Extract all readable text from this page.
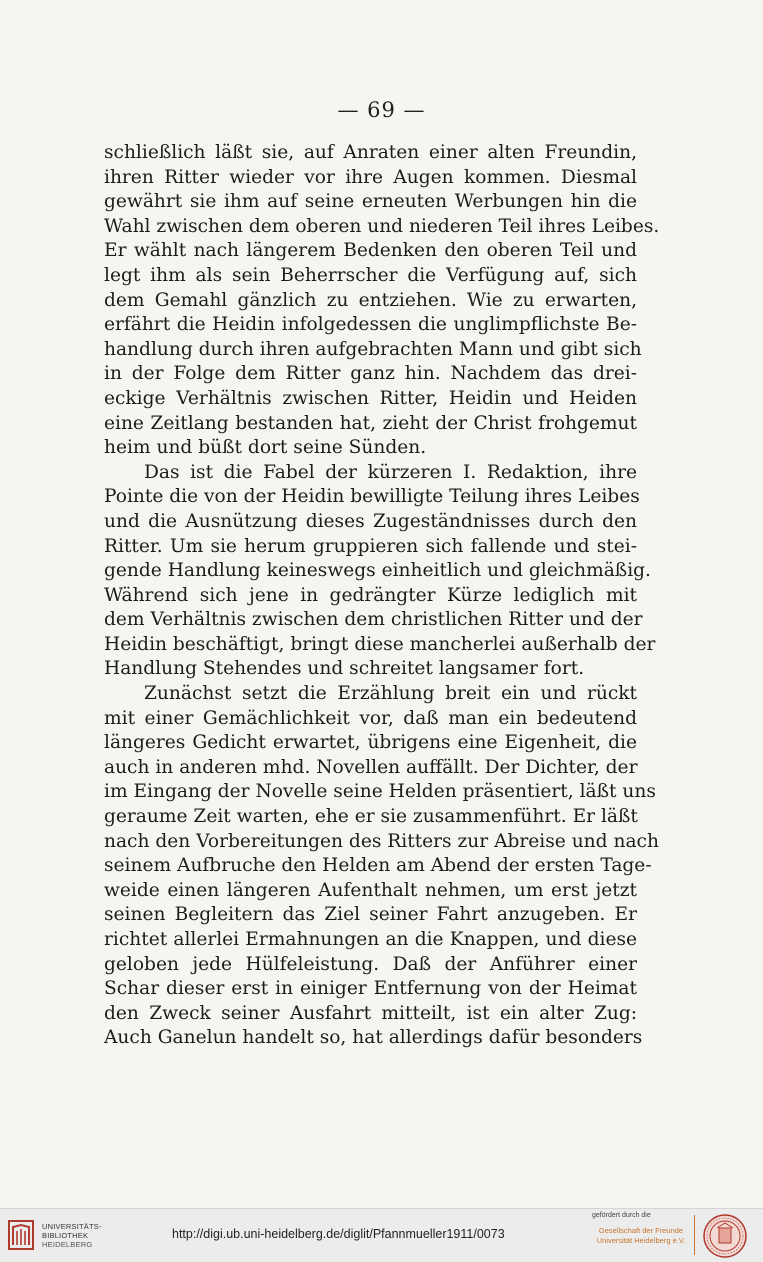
— 69 —
schließlich läßt sie, auf Anraten einer alten Freundin,
ihren Ritter wieder vor ihre Augen kommen. Diesmal
gewährt sie ihm auf seine erneuten Werbungen hin die
Wahl zwischen dem oberen und niederen Teil ihres Leibes.
Er wählt nach längerem Bedenken den oberen Teil und
legt ihm als sein Beherrscher die Verfügung auf, sich
dem Gemahl gänzlich zu entziehen. Wie zu erwarten,
erfährt die Heidin infolgedessen die unglimpflichste Be-
handlung durch ihren aufgebrachten Mann und gibt sich
in der Folge dem Ritter ganz hin. Nachdem das drei-
eckige Verhältnis zwischen Ritter, Heidin und Heiden
eine Zeitlang bestanden hat, zieht der Christ frohgemut
heim und büßt dort seine Sünden.
Das ist die Fabel der kürzeren I. Redaktion, ihre
Pointe die von der Heidin bewilligte Teilung ihres Leibes
und die Ausnützung dieses Zugeständnisses durch den
Ritter. Um sie herum gruppieren sich fallende und stei-
gende Handlung keineswegs einheitlich und gleichmäßig.
Während sich jene in gedrängter Kürze lediglich mit
dem Verhältnis zwischen dem christlichen Ritter und der
Heidin beschäftigt, bringt diese mancherlei außerhalb der
Handlung Stehendes und schreitet langsamer fort.
Zunächst setzt die Erzählung breit ein und rückt
mit einer Gemächlichkeit vor, daß man ein bedeutend
längeres Gedicht erwartet, übrigens eine Eigenheit, die
auch in anderen mhd. Novellen auffällt. Der Dichter, der
im Eingang der Novelle seine Helden präsentiert, läßt uns
geraume Zeit warten, ehe er sie zusammenführt. Er läßt
nach den Vorbereitungen des Ritters zur Abreise und nach
seinem Aufbruche den Helden am Abend der ersten Tage-
weide einen längeren Aufenthalt nehmen, um erst jetzt
seinen Begleitern das Ziel seiner Fahrt anzugeben. Er
richtet allerlei Ermahnungen an die Knappen, und diese
geloben jede Hülfeleistung. Daß der Anführer einer
Schar dieser erst in einiger Entfernung von der Heimat
den Zweck seiner Ausfahrt mitteilt, ist ein alter Zug:
Auch Ganelun handelt so, hat allerdings dafür besonders
UNIVERSITÄTS-
BIBLIOTHEK
HEIDELBERG
http://digi.ub.uni-heidelberg.de/diglit/Pfannmueller1911/0073
gefördert durch die
Gesellschaft der Freunde
Universität Heidelberg e.V.
